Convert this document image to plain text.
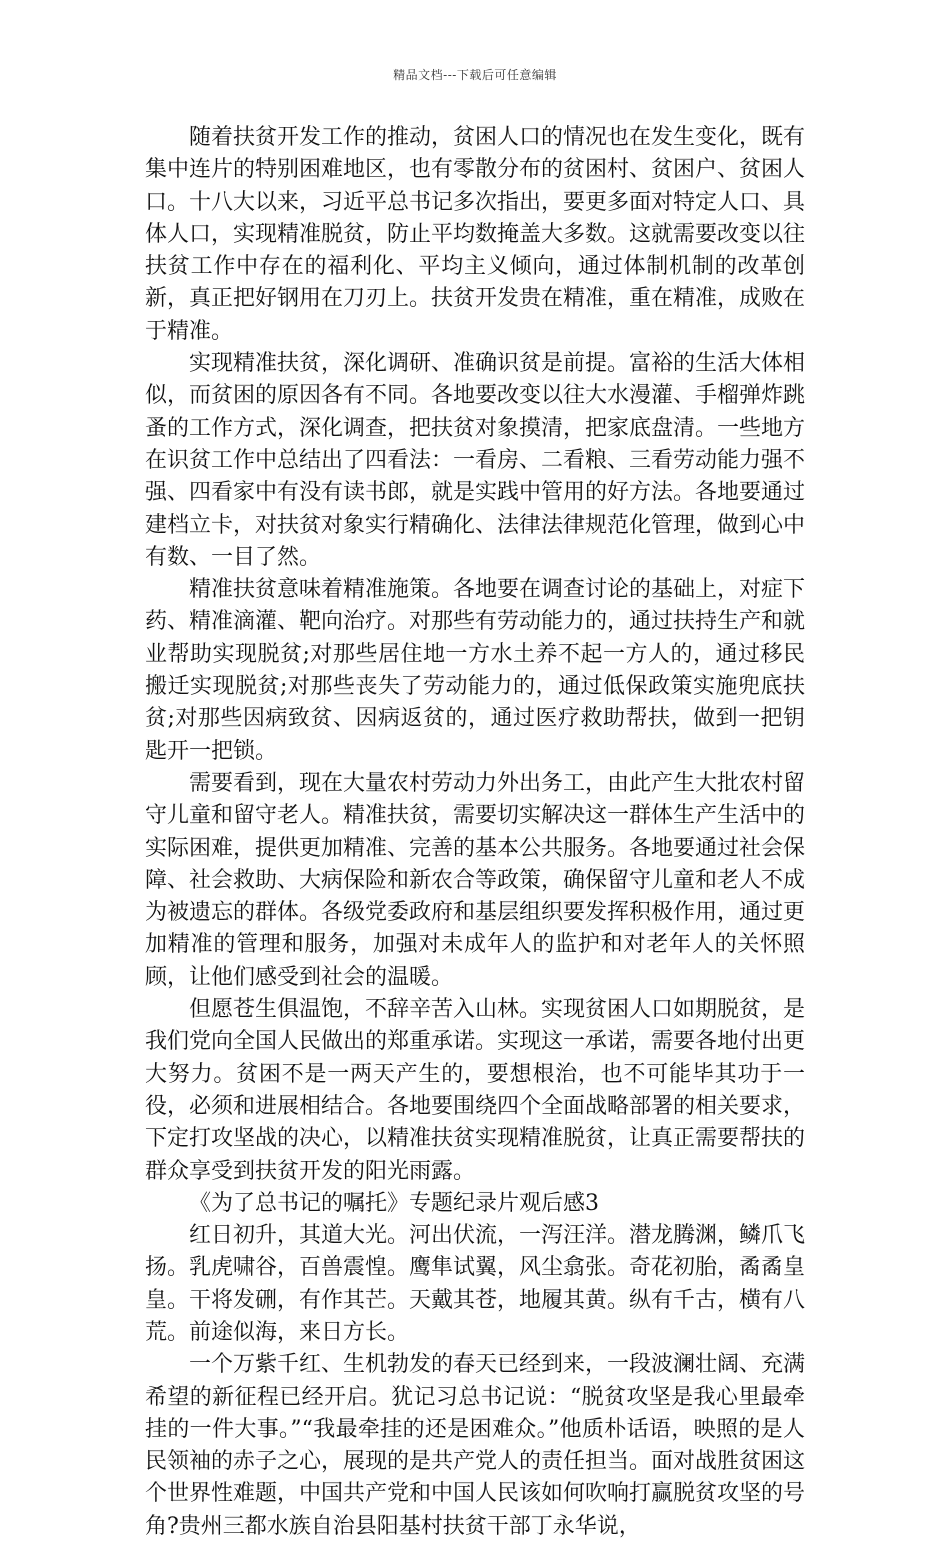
精品文档---下载后可任意编辑

随着扶贫开发工作的推动，贫困人口的情况也在发生变化，既有集中连片的特别困难地区，也有零散分布的贫困村、贫困户、贫困人口。十八大以来，习近平总书记多次指出，要更多面对特定人口、具体人口，实现精准脱贫，防止平均数掩盖大多数。这就需要改变以往扶贫工作中存在的福利化、平均主义倾向，通过体制机制的改革创新，真正把好钢用在刀刃上。扶贫开发贵在精准，重在精准，成败在于精准。

实现精准扶贫，深化调研、准确识贫是前提。富裕的生活大体相似，而贫困的原因各有不同。各地要改变以往大水漫灌、手榴弹炸跳蚤的工作方式，深化调查，把扶贫对象摸清，把家底盘清。一些地方在识贫工作中总结出了四看法：一看房、二看粮、三看劳动能力强不强、四看家中有没有读书郎，就是实践中管用的好方法。各地要通过建档立卡，对扶贫对象实行精确化、法律法律规范化管理，做到心中有数、一目了然。

精准扶贫意味着精准施策。各地要在调查讨论的基础上，对症下药、精准滴灌、靶向治疗。对那些有劳动能力的，通过扶持生产和就业帮助实现脱贫;对那些居住地一方水土养不起一方人的，通过移民搬迁实现脱贫;对那些丧失了劳动能力的，通过低保政策实施兜底扶贫;对那些因病致贫、因病返贫的，通过医疗救助帮扶，做到一把钥匙开一把锁。

需要看到，现在大量农村劳动力外出务工，由此产生大批农村留守儿童和留守老人。精准扶贫，需要切实解决这一群体生产生活中的实际困难，提供更加精准、完善的基本公共服务。各地要通过社会保障、社会救助、大病保险和新农合等政策，确保留守儿童和老人不成为被遗忘的群体。各级党委政府和基层组织要发挥积极作用，通过更加精准的管理和服务，加强对未成年人的监护和对老年人的关怀照顾，让他们感受到社会的温暖。

但愿苍生俱温饱，不辞辛苦入山林。实现贫困人口如期脱贫，是我们党向全国人民做出的郑重承诺。实现这一承诺，需要各地付出更大努力。贫困不是一两天产生的，要想根治，也不可能毕其功于一役，必须和进展相结合。各地要围绕四个全面战略部署的相关要求，下定打攻坚战的决心，以精准扶贫实现精准脱贫，让真正需要帮扶的群众享受到扶贫开发的阳光雨露。

《为了总书记的嘱托》专题纪录片观后感3

红日初升，其道大光。河出伏流，一泻汪洋。潜龙腾渊，鳞爪飞扬。乳虎啸谷，百兽震惶。鹰隼试翼，风尘翕张。奇花初胎，矞矞皇皇。干将发硎，有作其芒。天戴其苍，地履其黄。纵有千古，横有八荒。前途似海，来日方长。

一个万紫千红、生机勃发的春天已经到来，一段波澜壮阔、充满希望的新征程已经开启。犹记习总书记说：“脱贫攻坚是我心里最牵挂的一件大事。”“我最牵挂的还是困难众。”他质朴话语，映照的是人民领袖的赤子之心，展现的是共产党人的责任担当。面对战胜贫困这个世界性难题，中国共产党和中国人民该如何吹响打赢脱贫攻坚的号角?贵州三都水族自治县阳基村扶贫干部丁永华说，
